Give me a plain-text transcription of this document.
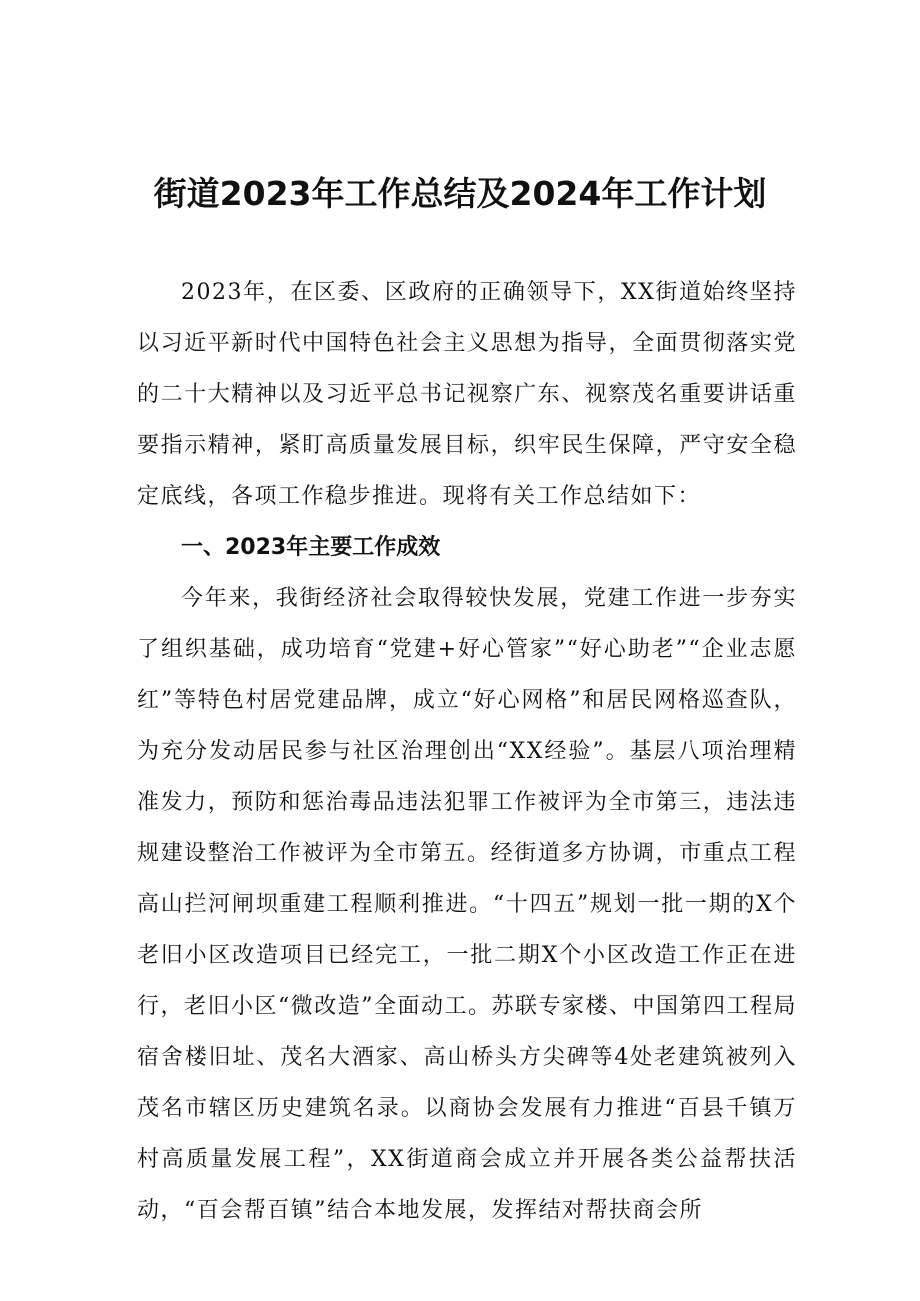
街道2023年工作总结及2024年工作计划

2023年，在区委、区政府的正确领导下，XX街道始终坚持以习近平新时代中国特色社会主义思想为指导，全面贯彻落实党的二十大精神以及习近平总书记视察广东、视察茂名重要讲话重要指示精神，紧盯高质量发展目标，织牢民生保障，严守安全稳定底线，各项工作稳步推进。现将有关工作总结如下：

一、2023年主要工作成效

今年来，我街经济社会取得较快发展，党建工作进一步夯实了组织基础，成功培育“党建+好心管家”“好心助老”“企业志愿红”等特色村居党建品牌，成立“好心网格”和居民网格巡查队，为充分发动居民参与社区治理创出“XX经验”。基层八项治理精准发力，预防和惩治毒品违法犯罪工作被评为全市第三，违法违规建设整治工作被评为全市第五。经街道多方协调，市重点工程高山拦河闸坝重建工程顺利推进。“十四五”规划一批一期的X个老旧小区改造项目已经完工，一批二期X个小区改造工作正在进行，老旧小区“微改造”全面动工。苏联专家楼、中国第四工程局宿舍楼旧址、茂名大酒家、高山桥头方尖碑等4处老建筑被列入茂名市辖区历史建筑名录。以商协会发展有力推进“百县千镇万村高质量发展工程”，XX街道商会成立并开展各类公益帮扶活动，“百会帮百镇”结合本地发展，发挥结对帮扶商会所
